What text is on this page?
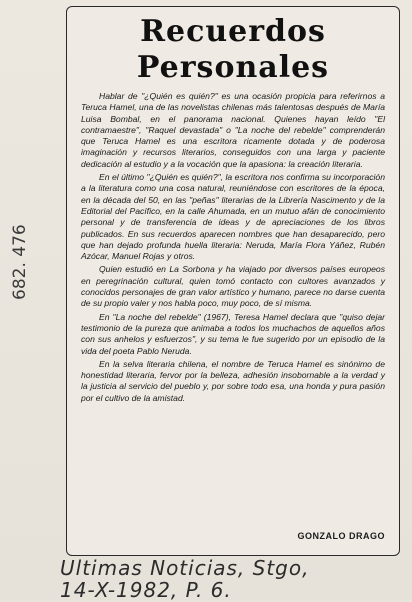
Recuerdos
Personales

Hablar de "¿Quién es quién?" es una ocasión propicia para referirnos a Teruca Hamel, una de las novelistas chilenas más talentosas después de María Luisa Bombal, en el panorama nacional. Quienes hayan leído "El contramaestre", "Raquel devastada" o "La noche del rebelde" comprenderán que Teruca Hamel es una escritora ricamente dotada y de poderosa imaginación y recursos literarios, conseguidos con una larga y paciente dedicación al estudio y a la vocación que la apasiona: la creación literaria.

En el último "¿Quién es quién?", la escritora nos confirma su incorporación a la literatura como una cosa natural, reuniéndose con escritores de la época, en la década del 50, en las "peñas" literarias de la Librería Nascimento y de la Editorial del Pacífico, en la calle Ahumada, en un mutuo afán de conocimiento personal y de transferencia de ideas y de apreciaciones de los libros publicados. En sus recuerdos aparecen nombres que han desaparecido, pero que han dejado profunda huella literaria: Neruda, María Flora Yáñez, Rubén Azócar, Manuel Rojas y otros.

Quien estudió en La Sorbona y ha viajado por diversos países europeos en peregrinación cultural, quien tomó contacto con cultores avanzados y conocidos personajes de gran valor artístico y humano, parece no darse cuenta de su propio valer y nos habla poco, muy poco, de sí misma.

En "La noche del rebelde" (1967), Teresa Hamel declara que "quiso dejar testimonio de la pureza que animaba a todos los muchachos de aquellos años con sus anhelos y esfuerzos", y su tema le fue sugerido por un episodio de la vida del poeta Pablo Neruda.

En la selva literaria chilena, el nombre de Teruca Hamel es sinónimo de honestidad literaria, fervor por la belleza, adhesión insobornable a la verdad y la justicia al servicio del pueblo y, por sobre todo esa, una honda y pura pasión por el cultivo de la amistad.

GONZALO DRAGO
682. 476
Ultimas Noticias, Stgo,
14-X-1982, P. 6.
